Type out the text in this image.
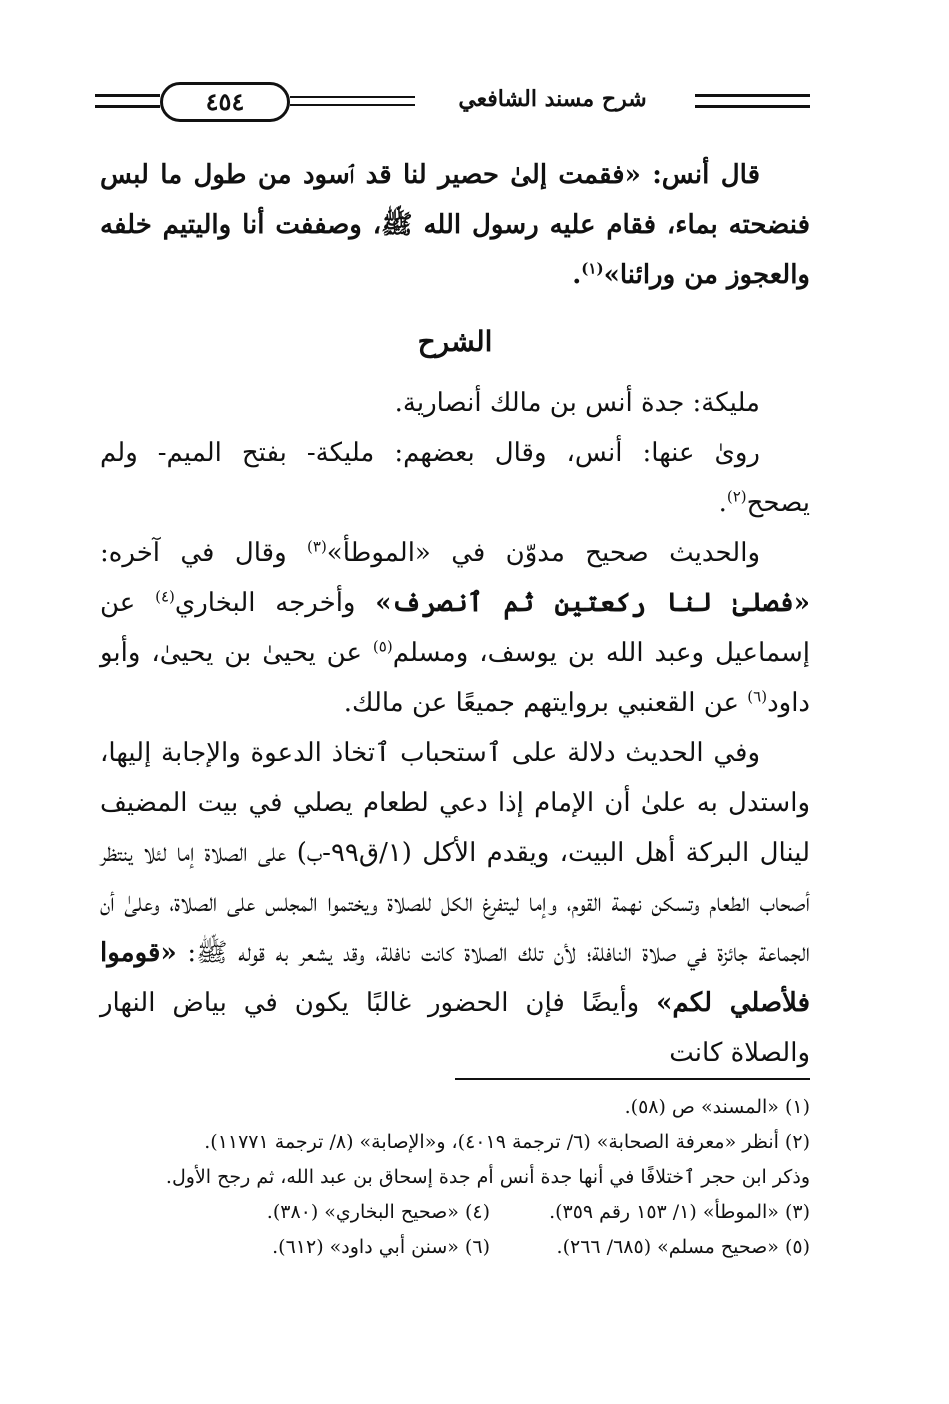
٤٥٤	شرح مسند الشافعي

قال أنس: «فقمت إلىٰ حصير لنا قد ٱسود من طول ما لبس فنضحته بماء، فقام عليه رسول الله ﷺ، وصففت أنا واليتيم خلفه والعجوز من ورائنا»$^{(١)}$.

الشرح

مليكة: جدة أنس بن مالك أنصارية.

روىٰ عنها: أنس، وقال بعضهم: مليكة- بفتح الميم- ولم يصحح$^{(٢)}$.

والحديث صحيح مدوّن في «الموطأ»$^{(٣)}$ وقال في آخره: «فصلىٰ لنا ركعتين ثم ٱنصرف» وأخرجه البخاري$^{(٤)}$ عن إسماعيل وعبد الله بن يوسف، ومسلم$^{(٥)}$ عن يحيىٰ بن يحيىٰ، وأبو داود$^{(٦)}$ عن القعنبي بروايتهم جميعًا عن مالك.

وفي الحديث دلالة على ٱستحباب ٱتخاذ الدعوة والإجابة إليها، واستدل به علىٰ أن الإمام إذا دعي لطعام يصلي في بيت المضيف لينال البركة أهل البيت، ويقدم الأكل (١/ق٩٩-ب) على الصلاة إما لئلا ينتظر أصحاب الطعام وتسكن نهمة القوم، وإما ليتفرغ الكل للصلاة ويختموا المجلس على الصلاة، وعلىٰ أن الجماعة جائزة في صلاة النافلة؛ لأن تلك الصلاة كانت نافلة، وقد يشعر به قوله ﷺ: «قوموا فلأصلي لكم» وأيضًا فإن الحضور غالبًا يكون في بياض النهار والصلاة كانت

(١) «المسند» ص (٥٨).

(٢) أنظر «معرفة الصحابة» (٦/ ترجمة ٤٠١٩)، و«الإصابة» (٨/ ترجمة ١١٧٧١).

وذكر ابن حجر ٱختلافًا في أنها جدة أنس أم جدة إسحاق بن عبد الله، ثم رجح الأول.

(٣) «الموطأ» (١/ ١٥٣ رقم ٣٥٩).

(٤) «صحيح البخاري» (٣٨٠).

(٥) «صحيح مسلم» (٦٨٥/ ٢٦٦).

(٦) «سنن أبي داود» (٦١٢).
